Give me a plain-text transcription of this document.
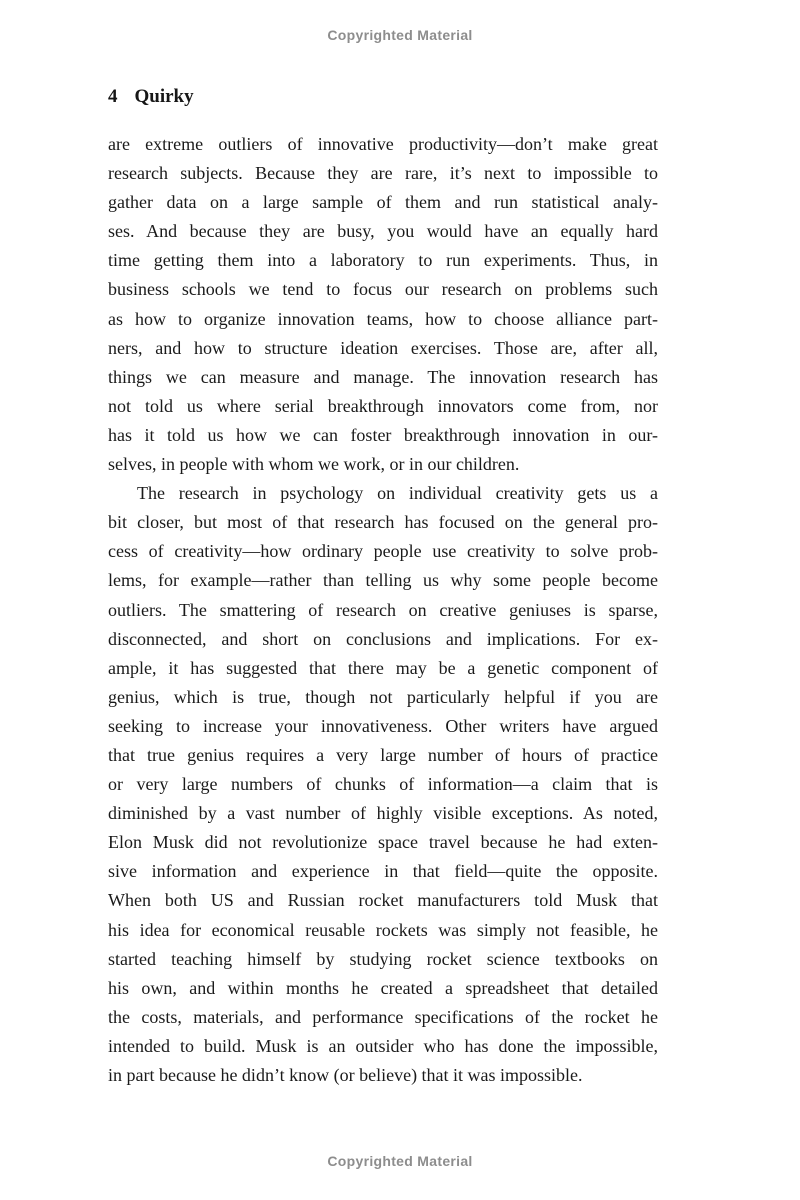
Copyrighted Material
4 Quirky
are extreme outliers of innovative productivity—don’t make great
research subjects. Because they are rare, it’s next to impossible to
gather data on a large sample of them and run statistical analy-
ses. And because they are busy, you would have an equally hard
time getting them into a laboratory to run experiments. Thus, in
business schools we tend to focus our research on problems such
as how to organize innovation teams, how to choose alliance part-
ners, and how to structure ideation exercises. Those are, after all,
things we can measure and manage. The innovation research has
not told us where serial breakthrough innovators come from, nor
has it told us how we can foster breakthrough innovation in our-
selves, in people with whom we work, or in our children.
The research in psychology on individual creativity gets us a
bit closer, but most of that research has focused on the general pro-
cess of creativity—how ordinary people use creativity to solve prob-
lems, for example—rather than telling us why some people become
outliers. The smattering of research on creative geniuses is sparse,
disconnected, and short on conclusions and implications. For ex-
ample, it has suggested that there may be a genetic component of
genius, which is true, though not particularly helpful if you are
seeking to increase your innovativeness. Other writers have argued
that true genius requires a very large number of hours of practice
or very large numbers of chunks of information—a claim that is
diminished by a vast number of highly visible exceptions. As noted,
Elon Musk did not revolutionize space travel because he had exten-
sive information and experience in that field—quite the opposite.
When both US and Russian rocket manufacturers told Musk that
his idea for economical reusable rockets was simply not feasible, he
started teaching himself by studying rocket science textbooks on
his own, and within months he created a spreadsheet that detailed
the costs, materials, and performance specifications of the rocket he
intended to build. Musk is an outsider who has done the impossible,
in part because he didn’t know (or believe) that it was impossible.
Copyrighted Material
